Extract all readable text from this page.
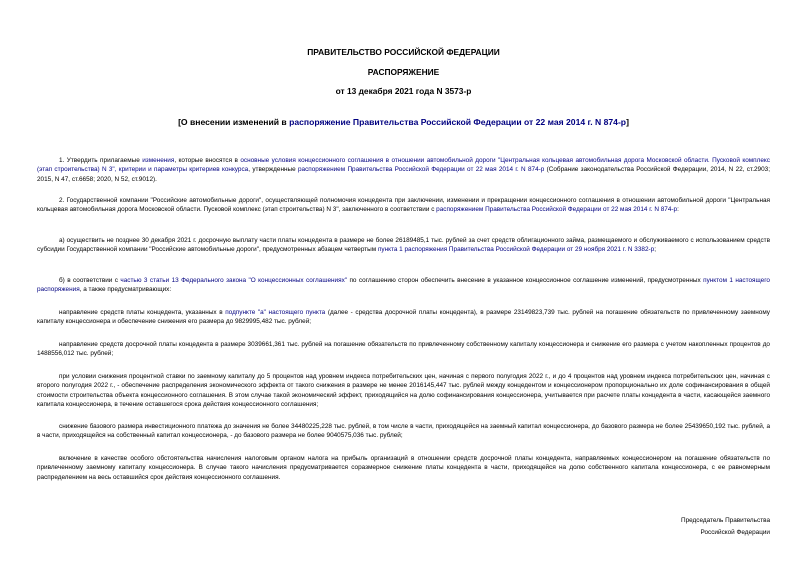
ПРАВИТЕЛЬСТВО РОССИЙСКОЙ ФЕДЕРАЦИИ
РАСПОРЯЖЕНИЕ
от 13 декабря 2021 года N 3573-р
[О внесении изменений в распоряжение Правительства Российской Федерации от 22 мая 2014 г. N 874-р]
1. Утвердить прилагаемые изменения, которые вносятся в основные условия концессионного соглашения в отношении автомобильной дороги "Центральная кольцевая автомобильная дорога Московской области. Пусковой комплекс (этап строительства) N 3", критерии и параметры критериев конкурса, утвержденные распоряжением Правительства Российской Федерации от 22 мая 2014 г. N 874-р (Собрание законодательства Российской Федерации, 2014, N 22, ст.2903; 2015, N 47, ст.6658; 2020, N 52, ст.9012).
2. Государственной компании "Российские автомобильные дороги", осуществляющей полномочия концедента при заключении, изменении и прекращении концессионного соглашения в отношении автомобильной дороги "Центральная кольцевая автомобильная дорога Московской области. Пусковой комплекс (этап строительства) N 3", заключенного в соответствии с распоряжением Правительства Российской Федерации от 22 мая 2014 г. N 874-р:
а) осуществить не позднее 30 декабря 2021 г. досрочную выплату части платы концедента в размере не более 26189485,1 тыс. рублей за счет средств облигационного займа, размещаемого и обслуживаемого с использованием средств субсидии Государственной компании "Российские автомобильные дороги", предусмотренных абзацем четвертым пункта 1 распоряжения Правительства Российской Федерации от 29 ноября 2021 г. N 3382-р;
б) в соответствии с частью 3 статьи 13 Федерального закона "О концессионных соглашениях" по соглашению сторон обеспечить внесение в указанное концессионное соглашение изменений, предусмотренных пунктом 1 настоящего распоряжения, а также предусматривающих:
направление средств платы концедента, указанных в подпункте "а" настоящего пункта (далее - средства досрочной платы концедента), в размере 23149823,739 тыс. рублей на погашение обязательств по привлеченному заемному капиталу концессионера и обеспечение снижения его размера до 9829995,482 тыс. рублей;
направление средств досрочной платы концедента в размере 3039661,361 тыс. рублей на погашение обязательств по привлеченному собственному капиталу концессионера и снижение его размера с учетом накопленных процентов до 1488556,012 тыс. рублей;
при условии снижения процентной ставки по заемному капиталу до 5 процентов над уровнем индекса потребительских цен, начиная с первого полугодия 2022 г., и до 4 процентов над уровнем индекса потребительских цен, начиная с второго полугодия 2022 г., - обеспечение распределения экономического эффекта от такого снижения в размере не менее 2016145,447 тыс. рублей между концедентом и концессионером пропорционально их доле софинансирования в общей стоимости строительства объекта концессионного соглашения. В этом случае такой экономический эффект, приходящийся на долю софинансирования концессионера, учитывается при расчете платы концедента в части, касающейся заемного капитала концессионера, в течение оставшегося срока действия концессионного соглашения;
снижение базового размера инвестиционного платежа до значения не более 34480225,228 тыс. рублей, в том числе в части, приходящейся на заемный капитал концессионера, до базового размера не более 25439650,192 тыс. рублей, а в части, приходящейся на собственный капитал концессионера, - до базового размера не более 9040575,036 тыс. рублей;
включение в качестве особого обстоятельства начисления налоговым органом налога на прибыль организаций в отношении средств досрочной платы концедента, направляемых концессионером на погашение обязательств по привлеченному заемному капиталу концессионера. В случае такого начисления предусматривается соразмерное снижение платы концедента в части, приходящейся на долю собственного капитала концессионера, с ее равномерным распределением на весь оставшийся срок действия концессионного соглашения.
Председатель Правительства
Российской Федерации
